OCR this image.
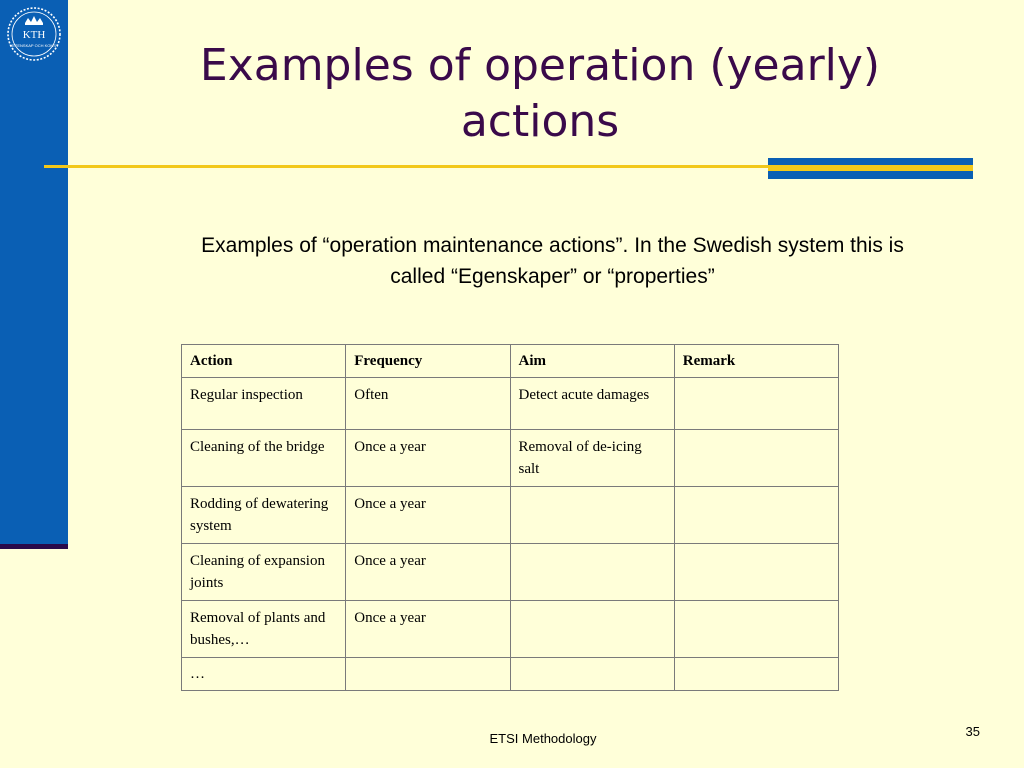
KTH
VETENSKAP OCH KONST	Examples of operation (yearly) actions
Examples of “operation maintenance actions”. In the Swedish system this is called “Egenskaper” or “properties”
Action	Frequency	Aim	Remark
Regular inspection	Often	Detect acute damages	
Cleaning of the bridge	Once a year	Removal of de-icing salt	
Rodding of dewatering system	Once a year		
Cleaning of expansion joints	Once a year		
Removal of plants and bushes,…	Once a year		
…			
ETSI Methodology	35
